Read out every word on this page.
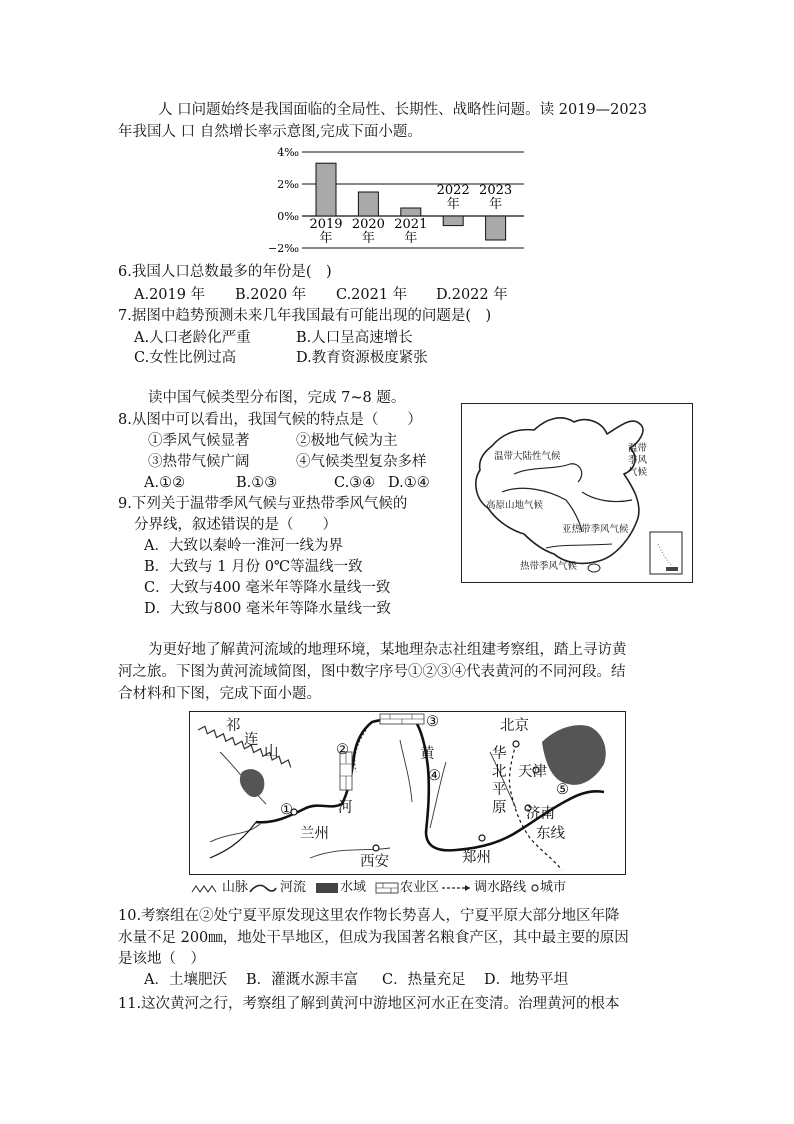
人 口问题始终是我国面临的全局性、长期性、战略性问题。读 2019—2023
年我国人 口 自然增长率示意图,完成下面小题。
4‰
2‰
0‰
−2‰
2019
年
2020
年
2021
年
2022
年
2023
年
6.我国人口总数最多的年份是(　)
A.2019 年 B.2020 年 C.2021 年 D.2022 年
7.据图中趋势预测未来几年我国最有可能出现的问题是(　)
A.人口老龄化严重	B.人口呈高速增长
C.女性比例过高	D.教育资源极度紧张
读中国气候类型分布图，完成 7~8 题。
8.从图中可以看出，我国气候的特点是（　　）
①季风气候显著	②极地气候为主
③热带气候广阔	④气候类型复杂多样
A.①②	B.①③	C.③④ D.①④
9.下列关于温带季风气候与亚热带季风气候的
分界线，叙述错误的是（　　）
A．大致以秦岭一淮河一线为界
B．大致与 1 月份 0℃等温线一致
C．大致与400 毫米年等降水量线一致
D．大致与800 毫米年等降水量线一致
温带大陆性气候
高原山地气候
温带季风气候
亚热带季风气候
热带季风气候
为更好地了解黄河流域的地理环境，某地理杂志社组建考察组，踏上寻访黄
河之旅。下图为黄河流域简图，图中数字序号①②③④代表黄河的不同河段。结
合材料和下图，完成下面小题。
祁
连
山	②
③
④
①
⑤
河
黄
北京
天津
济南
兰州
西安	郑州
华
北
平
原
东线
山脉 河流	水域	农业区	调水路线 城市
10.考察组在②处宁夏平原发现这里农作物长势喜人，宁夏平原大部分地区年降
水量不足 200㎜，地处干旱地区，但成为我国著名粮食产区，其中最主要的原因
是该地（　）
A．土壤肥沃 B．灌溉水源丰富 C．热量充足 D．地势平坦
11.这次黄河之行，考察组了解到黄河中游地区河水正在变清。治理黄河的根本
